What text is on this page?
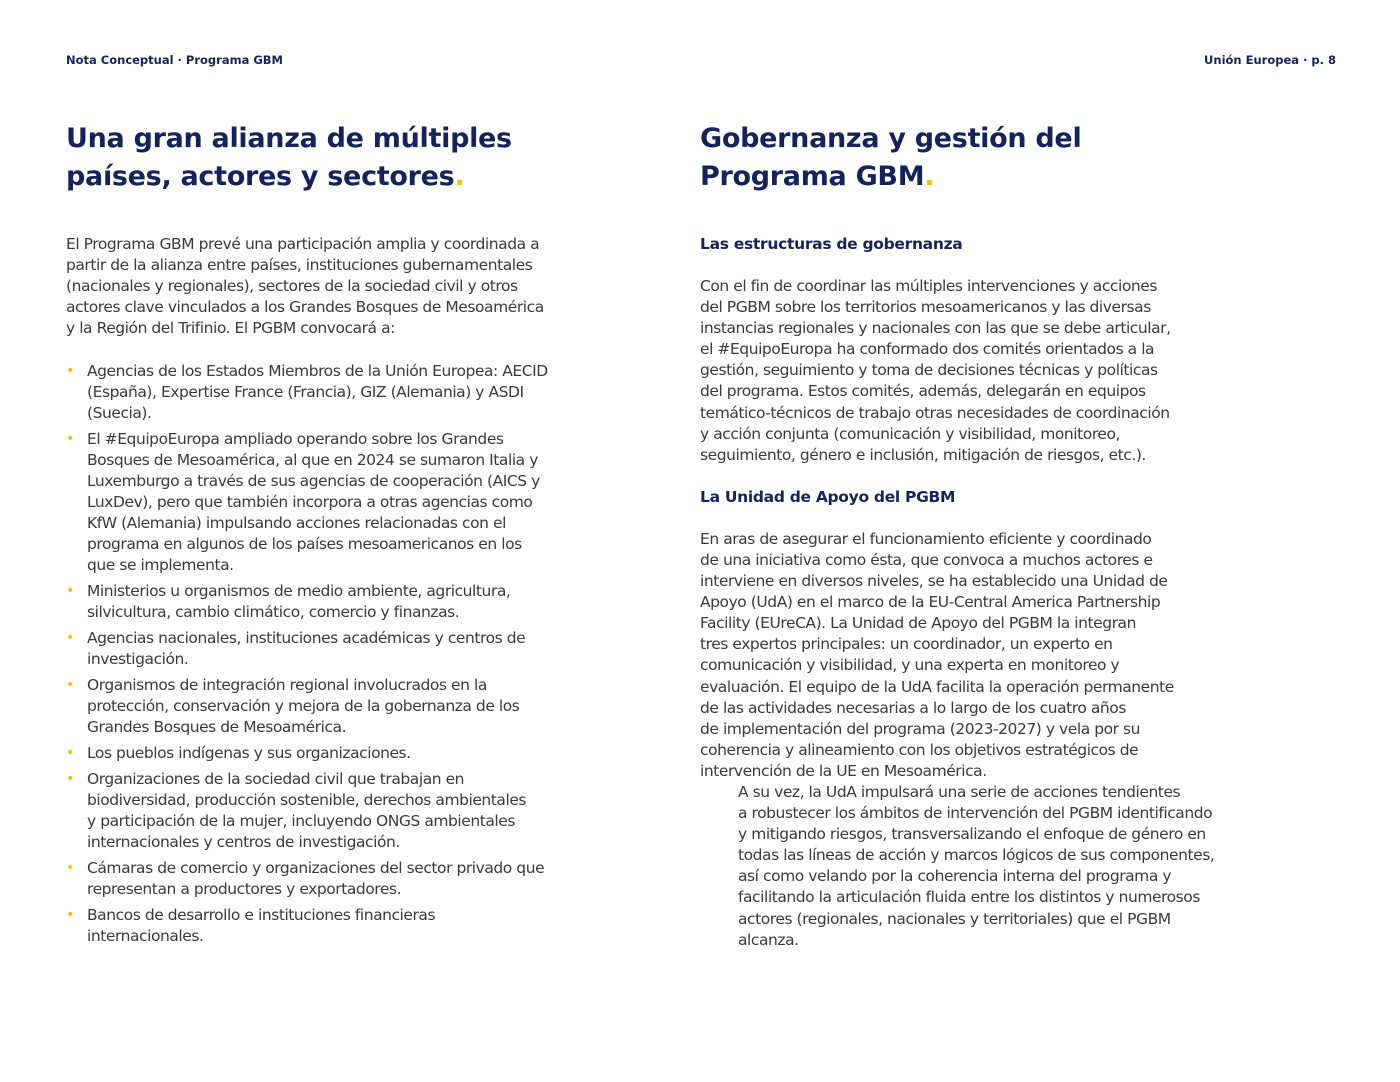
Nota Conceptual · Programa GBM	Unión Europea · p. 8
Una gran alianza de múltiples
países, actores y sectores.
El Programa GBM prevé una participación amplia y coordinada a
partir de la alianza entre países, instituciones gubernamentales
(nacionales y regionales), sectores de la sociedad civil y otros
actores clave vinculados a los Grandes Bosques de Mesoamérica
y la Región del Trifinio. El PGBM convocará a:
• Agencias de los Estados Miembros de la Unión Europea: AECID
(España), Expertise France (Francia), GIZ (Alemania) y ASDI
(Suecia).
• El #EquipoEuropa ampliado operando sobre los Grandes
Bosques de Mesoamérica, al que en 2024 se sumaron Italia y
Luxemburgo a través de sus agencias de cooperación (AICS y
LuxDev), pero que también incorpora a otras agencias como
KfW (Alemania) impulsando acciones relacionadas con el
programa en algunos de los países mesoamericanos en los
que se implementa.
• Ministerios u organismos de medio ambiente, agricultura,
silvicultura, cambio climático, comercio y finanzas.
• Agencias nacionales, instituciones académicas y centros de
investigación.
• Organismos de integración regional involucrados en la
protección, conservación y mejora de la gobernanza de los
Grandes Bosques de Mesoamérica.
• Los pueblos indígenas y sus organizaciones.
• Organizaciones de la sociedad civil que trabajan en
biodiversidad, producción sostenible, derechos ambientales
y participación de la mujer, incluyendo ONGS ambientales
internacionales y centros de investigación.
• Cámaras de comercio y organizaciones del sector privado que
representan a productores y exportadores.
• Bancos de desarrollo e instituciones financieras
internacionales.
Gobernanza y gestión del
Programa GBM.
Las estructuras de gobernanza
Con el fin de coordinar las múltiples intervenciones y acciones
del PGBM sobre los territorios mesoamericanos y las diversas
instancias regionales y nacionales con las que se debe articular,
el #EquipoEuropa ha conformado dos comités orientados a la
gestión, seguimiento y toma de decisiones técnicas y políticas
del programa. Estos comités, además, delegarán en equipos
temático-técnicos de trabajo otras necesidades de coordinación
y acción conjunta (comunicación y visibilidad, monitoreo,
seguimiento, género e inclusión, mitigación de riesgos, etc.).
La Unidad de Apoyo del PGBM
En aras de asegurar el funcionamiento eficiente y coordinado
de una iniciativa como ésta, que convoca a muchos actores e
interviene en diversos niveles, se ha establecido una Unidad de
Apoyo (UdA) en el marco de la EU-Central America Partnership
Facility (EUreCA). La Unidad de Apoyo del PGBM la integran
tres expertos principales: un coordinador, un experto en
comunicación y visibilidad, y una experta en monitoreo y
evaluación. El equipo de la UdA facilita la operación permanente
de las actividades necesarias a lo largo de los cuatro años
de implementación del programa (2023-2027) y vela por su
coherencia y alineamiento con los objetivos estratégicos de
intervención de la UE en Mesoamérica.
A su vez, la UdA impulsará una serie de acciones tendientes
a robustecer los ámbitos de intervención del PGBM identificando
y mitigando riesgos, transversalizando el enfoque de género en
todas las líneas de acción y marcos lógicos de sus componentes,
así como velando por la coherencia interna del programa y
facilitando la articulación fluida entre los distintos y numerosos
actores (regionales, nacionales y territoriales) que el PGBM
alcanza.
